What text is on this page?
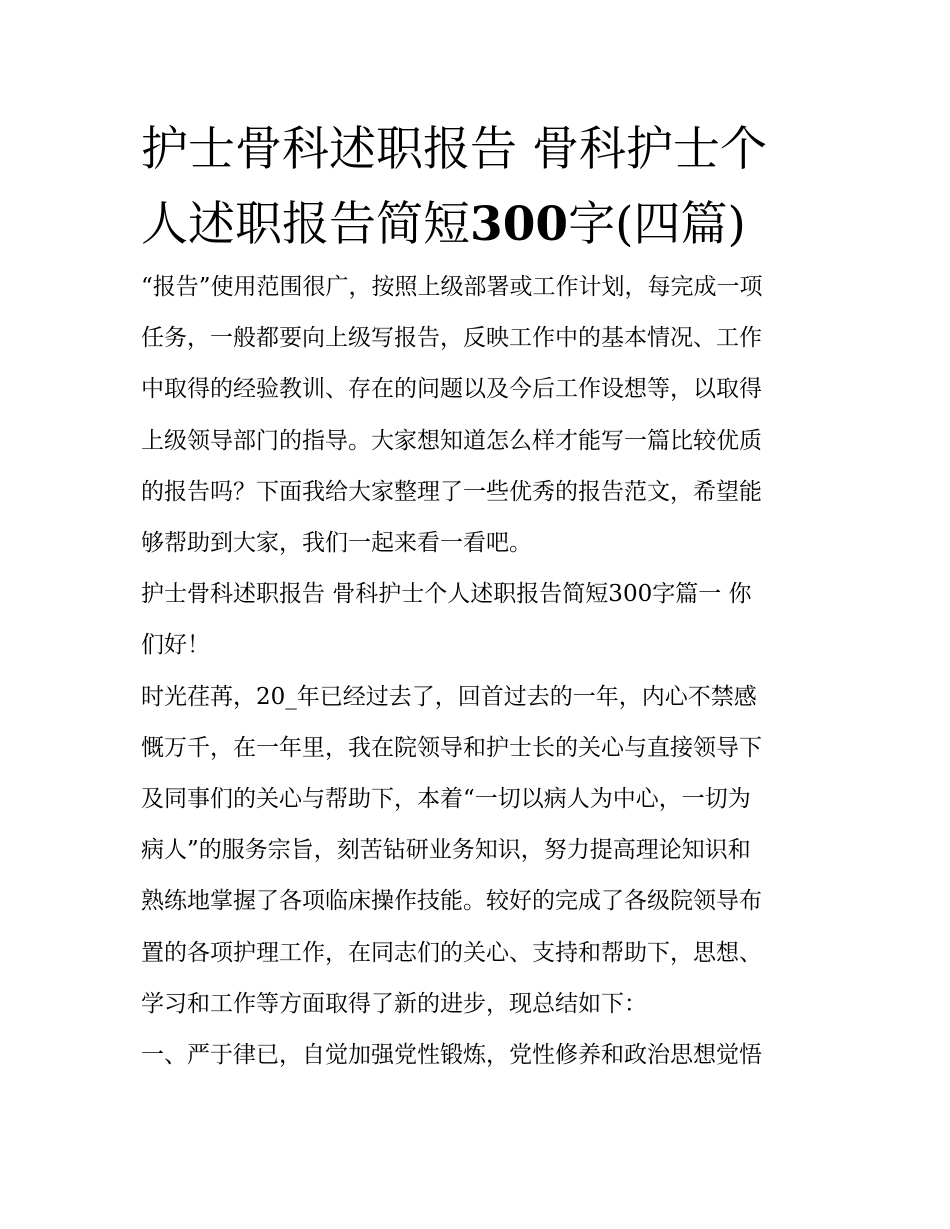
护士骨科述职报告 骨科护士个
人述职报告简短300字(四篇)
“报告”使用范围很广，按照上级部署或工作计划，每完成一项
任务，一般都要向上级写报告，反映工作中的基本情况、工作
中取得的经验教训、存在的问题以及今后工作设想等，以取得
上级领导部门的指导。大家想知道怎么样才能写一篇比较优质
的报告吗？下面我给大家整理了一些优秀的报告范文，希望能
够帮助到大家，我们一起来看一看吧。
护士骨科述职报告 骨科护士个人述职报告简短300字篇一 你
们好！
时光荏苒，20_年已经过去了，回首过去的一年，内心不禁感
慨万千，在一年里，我在院领导和护士长的关心与直接领导下
及同事们的关心与帮助下，本着“一切以病人为中心，一切为
病人”的服务宗旨，刻苦钻研业务知识，努力提高理论知识和
熟练地掌握了各项临床操作技能。较好的完成了各级院领导布
置的各项护理工作，在同志们的关心、支持和帮助下，思想、
学习和工作等方面取得了新的进步，现总结如下：
一、严于律已，自觉加强党性锻炼，党性修养和政治思想觉悟
